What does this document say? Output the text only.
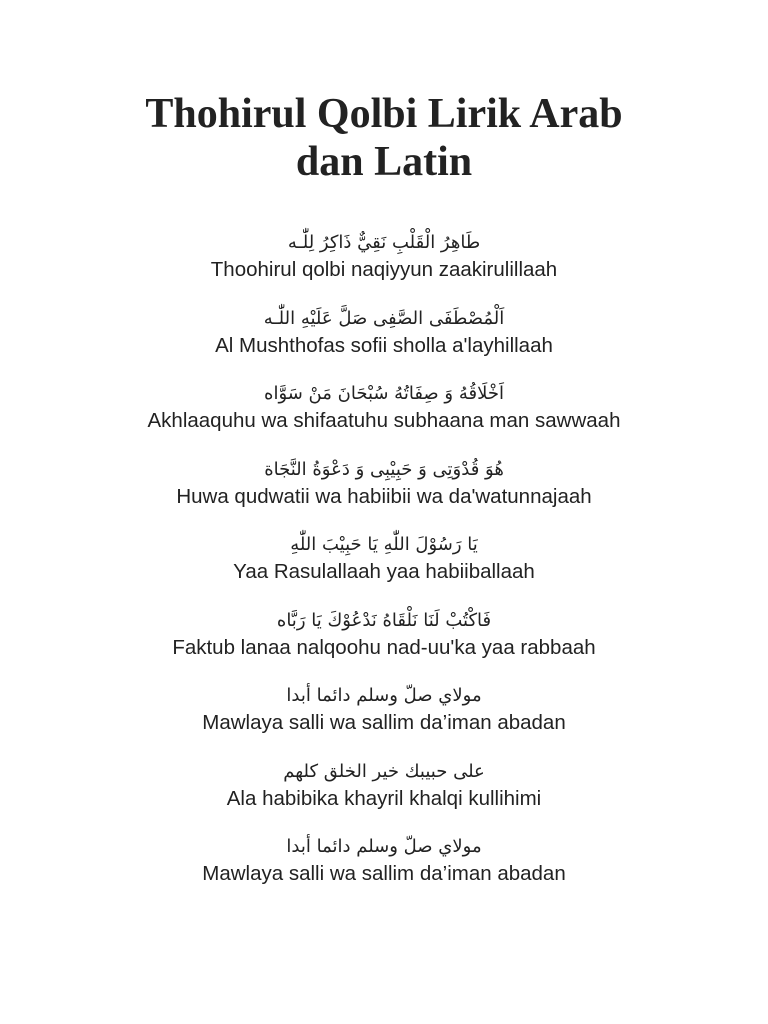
Thohirul Qolbi Lirik Arab
dan Latin
طَاهِرُ الْقَلْبِ نَقِيٌّ ذَاكِرُ لِلّٰـه
Thoohirul qolbi naqiyyun zaakirulillaah
اَلْمُصْطَفَى الصَّفِى صَلَّ عَلَيْهِ اللّٰـه
Al Mushthofas sofii sholla a'layhillaah
اَخْلَاقُهُ وَ صِفَاتُهُ سُبْحَانَ مَنْ سَوَّاه
Akhlaaquhu wa shifaatuhu subhaana man sawwaah
هُوَ قُدْوَتِى وَ حَبِيْبِى وَ دَعْوَةُ النَّجَاة
Huwa qudwatii wa habiibii wa da'watunnajaah
يَا رَسُوْلَ اللّٰهِ يَا حَبِيْبَ اللّٰهِ
Yaa Rasulallaah yaa habiiballaah
فَاكْتُبْ لَنَا نَلْقَاهُ نَدْعُوْكَ يَا رَبَّاه
Faktub lanaa nalqoohu nad-uu'ka yaa rabbaah
مولاي صلّ وسلم دائما أبدا
Mawlaya salli wa sallim da’iman abadan
على حبيبك خير الخلق كلهم
Ala habibika khayril khalqi kullihimi
مولاي صلّ وسلم دائما أبدا
Mawlaya salli wa sallim da’iman abadan
